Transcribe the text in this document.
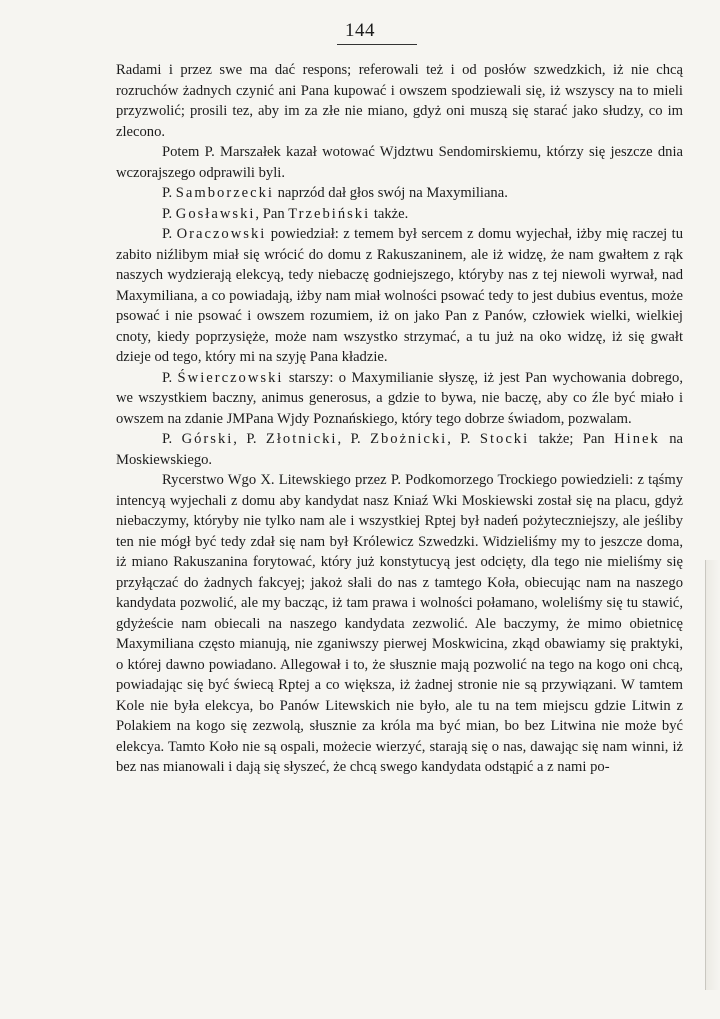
144

Radami i przez swe ma dać respons; referowali też i od posłów szwedzkich, iż nie chcą rozruchów żadnych czynić ani Pana kupować i owszem spodziewali się, iż wszyscy na to mieli przyzwolić; prosili tez, aby im za złe nie miano, gdyż oni muszą się starać jako słudzy, co im zlecono.

Potem P. Marszałek kazał wotować Wjdztwu Sendomirskiemu, którzy się jeszcze dnia wczorajszego odprawili byli.

P. Samborzecki naprzód dał głos swój na Maxymiliana.

P. Gosławski, Pan Trzebiński także.

P. Oraczowski powiedział: z temem był sercem z domu wyjechał, iżby mię raczej tu zabito niźlibym miał się wrócić do domu z Rakuszaninem, ale iż widzę, że nam gwałtem z rąk naszych wydzierają elekcyą, tedy niebaczę godniejszego, któryby nas z tej niewoli wyrwał, nad Maxymiliana, a co powiadają, iżby nam miał wolności psować tedy to jest dubius eventus, może psować i nie psować i owszem rozumiem, iż on jako Pan z Panów, człowiek wielki, wielkiej cnoty, kiedy poprzysięże, może nam wszystko strzymać, a tu już na oko widzę, iż się gwałt dzieje od tego, który mi na szyję Pana kładzie.

P. Świerczowski starszy: o Maxymilianie słyszę, iż jest Pan wychowania dobrego, we wszystkiem baczny, animus generosus, a gdzie to bywa, nie baczę, aby co źle być miało i owszem na zdanie JMPana Wjdy Poznańskiego, który tego dobrze świadom, pozwalam.

P. Górski, P. Złotnicki, P. Zbożnicki, P. Stocki także; Pan Hinek na Moskiewskiego.

Rycerstwo Wgo X. Litewskiego przez P. Podkomorzego Trockiego powiedzieli: z tąśmy intencyą wyjechali z domu aby kandydat nasz Kniaź Wki Moskiewski został się na placu, gdyż niebaczymy, któryby nie tylko nam ale i wszystkiej Rptej był nadeń pożyteczniejszy, ale jeśliby ten nie mógł być tedy zdał się nam był Królewicz Szwedzki. Widzieliśmy my to jeszcze doma, iż miano Rakuszanina forytować, który już konstytucyą jest odcięty, dla tego nie mieliśmy się przyłączać do żadnych fakcyej; jakoż słali do nas z tamtego Koła, obiecując nam na naszego kandydata pozwolić, ale my bacząc, iż tam prawa i wolności połamano, woleliśmy się tu stawić, gdyżeście nam obiecali na naszego kandydata zezwolić. Ale baczymy, że mimo obietnicę Maxymiliana często mianują, nie zganiwszy pierwej Moskwicina, zkąd obawiamy się praktyki, o której dawno powiadano. Allegował i to, że słusznie mają pozwolić na tego na kogo oni chcą, powiadając się być świecą Rptej a co większa, iż żadnej stronie nie są przywiązani. W tamtem Kole nie była elekcya, bo Panów Litewskich nie było, ale tu na tem miejscu gdzie Litwin z Polakiem na kogo się zezwolą, słusznie za króla ma być mian, bo bez Litwina nie może być elekcya. Tamto Koło nie są ospali, możecie wierzyć, starają się o nas, dawając się nam winni, iż bez nas mianowali i dają się słyszeć, że chcą swego kandydata odstąpić a z nami po-
